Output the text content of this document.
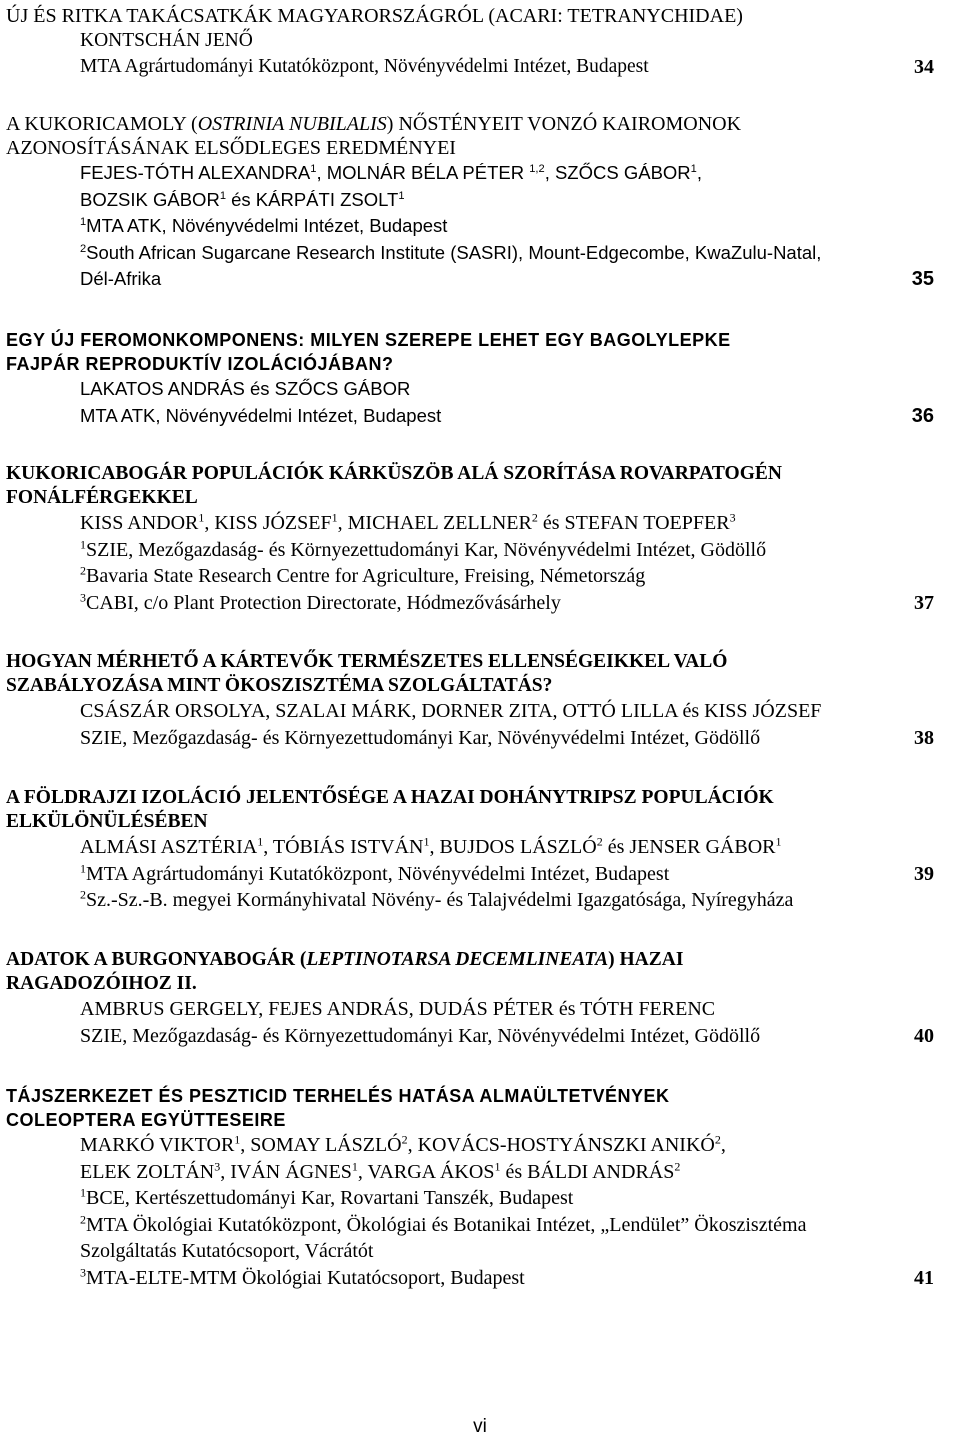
ÚJ ÉS RITKA TAKÁCSATKÁK MAGYARORSZÁGRÓL (ACARI: TETRANYCHIDAE)
KONTSCHÁN JENŐ
MTA Agrártudományi Kutatóközpont, Növényvédelmi Intézet, Budapest	34
A KUKORICAMOLY (OSTRINIA NUBILALIS) NŐSTÉNYEIT VONZÓ KAIROMONOK
AZONOSÍTÁSÁNAK ELSŐDLEGES EREDMÉNYEI
FEJES-TÓTH ALEXANDRA$^1$, MOLNÁR BÉLA PÉTER $^{1,2}$, SZŐCS GÁBOR$^1$,
BOZSIK GÁBOR$^1$ és KÁRPÁTI ZSOLT$^1$
$^1$MTA ATK, Növényvédelmi Intézet, Budapest
$^2$South African Sugarcane Research Institute (SASRI), Mount-Edgecombe, KwaZulu-Natal,
Dél-Afrika	35
EGY ÚJ FEROMONKOMPONENS: MILYEN SZEREPE LEHET EGY BAGOLYLEPKE
FAJPÁR REPRODUKTÍV IZOLÁCIÓJÁBAN?
LAKATOS ANDRÁS és SZŐCS GÁBOR
MTA ATK, Növényvédelmi Intézet, Budapest	36
KUKORICABOGÁR POPULÁCIÓK KÁRKÜSZÖB ALÁ SZORÍTÁSA ROVARPATOGÉN
FONÁLFÉRGEKKEL
KISS ANDOR$^1$, KISS JÓZSEF$^1$, MICHAEL ZELLNER$^2$ és STEFAN TOEPFER$^3$
$^1$SZIE, Mezőgazdaság- és Környezettudományi Kar, Növényvédelmi Intézet, Gödöllő
$^2$Bavaria State Research Centre for Agriculture, Freising, Németország
$^3$CABI, c/o Plant Protection Directorate, Hódmezővásárhely	37
HOGYAN MÉRHETŐ A KÁRTEVŐK TERMÉSZETES ELLENSÉGEIKKEL VALÓ
SZABÁLYOZÁSA MINT ÖKOSZISZTÉMA SZOLGÁLTATÁS?
CSÁSZÁR ORSOLYA, SZALAI MÁRK, DORNER ZITA, OTTÓ LILLA és KISS JÓZSEF
SZIE, Mezőgazdaság- és Környezettudományi Kar, Növényvédelmi Intézet, Gödöllő	38
A FÖLDRAJZI IZOLÁCIÓ JELENTŐSÉGE A HAZAI DOHÁNYTRIPSZ POPULÁCIÓK
ELKÜLÖNÜLÉSÉBEN
ALMÁSI ASZTÉRIA$^1$, TÓBIÁS ISTVÁN$^1$, BUJDOS LÁSZLÓ$^2$ és JENSER GÁBOR$^1$
$^1$MTA Agrártudományi Kutatóközpont, Növényvédelmi Intézet, Budapest	39
$^2$Sz.-Sz.-B. megyei Kormányhivatal Növény- és Talajvédelmi Igazgatósága, Nyíregyháza
ADATOK A BURGONYABOGÁR (LEPTINOTARSA DECEMLINEATA) HAZAI
RAGADOZÓIHOZ II.
AMBRUS GERGELY, FEJES ANDRÁS, DUDÁS PÉTER és TÓTH FERENC
SZIE, Mezőgazdaság- és Környezettudományi Kar, Növényvédelmi Intézet, Gödöllő	40
TÁJSZERKEZET ÉS PESZTICID TERHELÉS HATÁSA ALMAÜLTETVÉNYEK
COLEOPTERA EGYÜTTESEIRE
MARKÓ VIKTOR$^1$, SOMAY LÁSZLÓ$^2$, KOVÁCS-HOSTYÁNSZKI ANIKÓ$^2$,
ELEK ZOLTÁN$^3$, IVÁN ÁGNES$^1$, VARGA ÁKOS$^1$ és BÁLDI ANDRÁS$^2$
$^1$BCE, Kertészettudományi Kar, Rovartani Tanszék, Budapest
$^2$MTA Ökológiai Kutatóközpont, Ökológiai és Botanikai Intézet, „Lendület” Ökoszisztéma
Szolgáltatás Kutatócsoport, Vácrátót
$^3$MTA-ELTE-MTM Ökológiai Kutatócsoport, Budapest	41
vi
